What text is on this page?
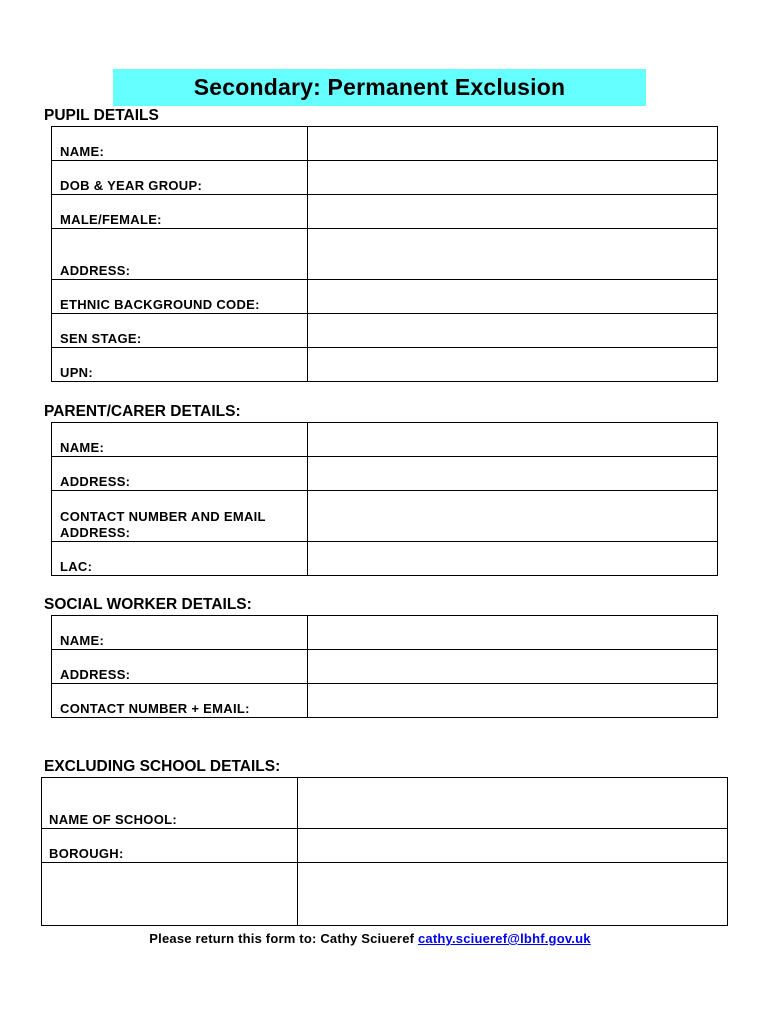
Secondary: Permanent Exclusion
PUPIL DETAILS
NAME:	

DOB & YEAR GROUP:	

MALE/FEMALE:	

ADDRESS:	

ETHNIC BACKGROUND CODE:	

SEN STAGE:	

UPN:	

PARENT/CARER DETAILS:
NAME:	

ADDRESS:	

CONTACT NUMBER AND EMAIL ADDRESS:	

LAC:	

SOCIAL WORKER DETAILS:
NAME:	

ADDRESS:	

CONTACT NUMBER + EMAIL:	

EXCLUDING SCHOOL DETAILS:
NAME OF SCHOOL:	

BOROUGH:	

Please return this form to: Cathy Sciueref cathy.sciueref@lbhf.gov.uk
